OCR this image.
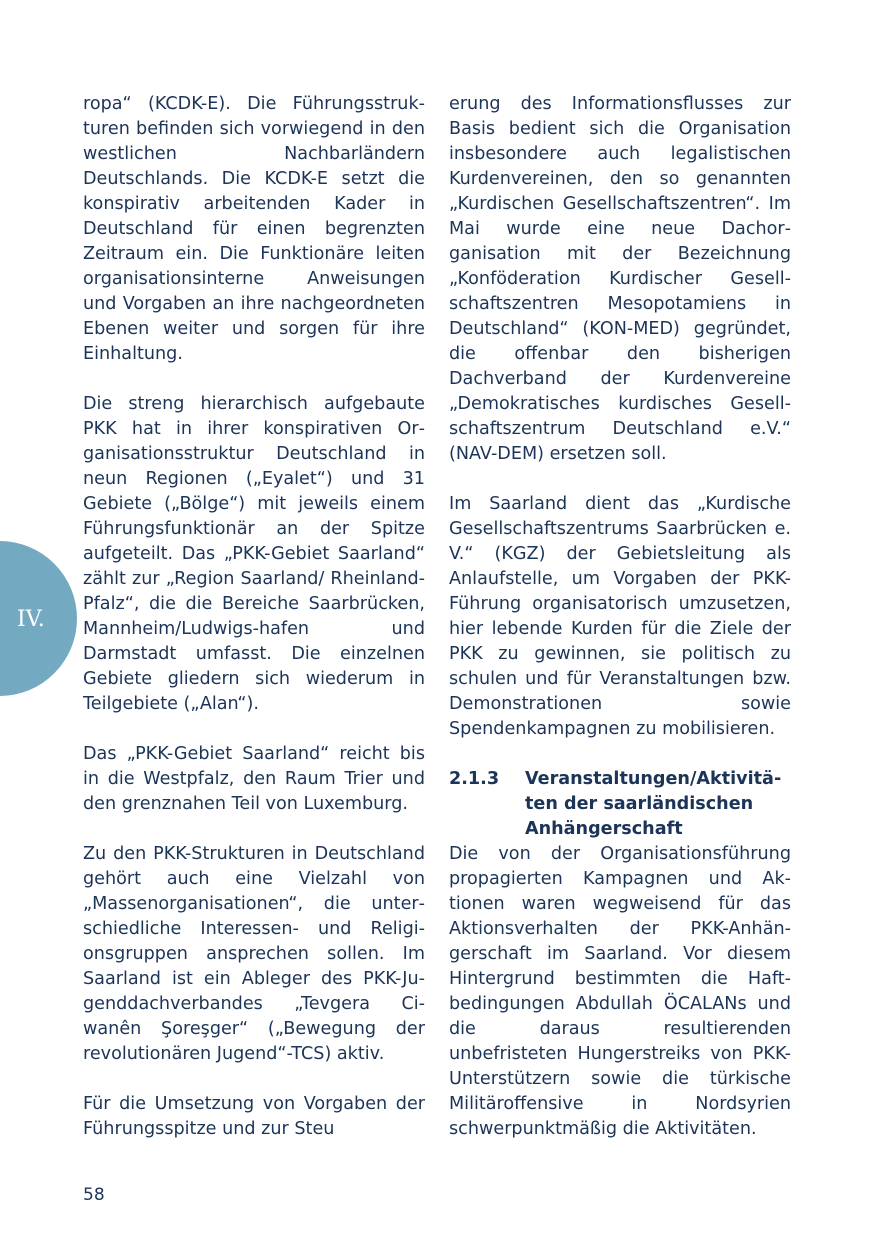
IV.

ropa“ (KCDK-E). Die Führungsstrukturen befinden sich vorwiegend in den westlichen Nachbarländern Deutschlands. Die KCDK-E setzt die konspirativ arbeitenden Kader in Deutschland für einen begrenzten Zeitraum ein. Die Funktionäre leiten organisationsinterne Anweisungen und Vorgaben an ihre nachgeordneten Ebenen weiter und sorgen für ihre Einhaltung.

Die streng hierarchisch aufgebaute PKK hat in ihrer konspirativen Organisationsstruktur Deutschland in neun Regionen („Eyalet“) und 31 Gebiete („Bölge“) mit jeweils einem Führungsfunktionär an der Spitze aufgeteilt. Das „PKK-Gebiet Saarland“ zählt zur „Region Saarland/ Rheinland-Pfalz“, die die Bereiche Saarbrücken, Mannheim/Ludwigs-hafen und Darmstadt umfasst. Die einzelnen Gebiete gliedern sich wiederum in Teilgebiete („Alan“).

Das „PKK-Gebiet Saarland“ reicht bis in die Westpfalz, den Raum Trier und den grenznahen Teil von Luxemburg.

Zu den PKK-Strukturen in Deutschland gehört auch eine Vielzahl von „Massenorganisationen“, die unterschiedliche Interessen- und Religionsgruppen ansprechen sollen. Im Saarland ist ein Ableger des PKK-Jugenddachverbandes „Tevgera Ciwanên Şoreşger“ („Bewegung der revolutionären Jugend“-TCS) aktiv.

Für die Umsetzung von Vorgaben der Führungsspitze und zur Steu

erung des Informationsflusses zur Basis bedient sich die Organisation insbesondere auch legalistischen Kurdenvereinen, den so genannten „Kurdischen Gesellschaftszentren“. Im Mai wurde eine neue Dachorganisation mit der Bezeichnung „Konföderation Kurdischer Gesellschaftszentren Mesopotamiens in Deutschland“ (KON-MED) gegründet, die offenbar den bisherigen Dachverband der Kurdenvereine „Demokratisches kurdisches Gesellschaftszentrum Deutschland e.V.“ (NAV-DEM) ersetzen soll.

Im Saarland dient das „Kurdische Gesellschaftszentrums Saarbrücken e. V.“ (KGZ) der Gebietsleitung als Anlaufstelle, um Vorgaben der PKK-Führung organisatorisch umzusetzen, hier lebende Kurden für die Ziele der PKK zu gewinnen, sie politisch zu schulen und für Veranstaltungen bzw. Demonstrationen sowie Spendenkampagnen zu mobilisieren.

2.1.3	Veranstaltungen/Aktivitäten der saarländischen Anhängerschaft

Die von der Organisationsführung propagierten Kampagnen und Aktionen waren wegweisend für das Aktionsverhalten der PKK-Anhängerschaft im Saarland. Vor diesem Hintergrund bestimmten die Haftbedingungen Abdullah ÖCALANs und die daraus resultierenden unbefristeten Hungerstreiks von PKK-Unterstützern sowie die türkische Militäroffensive in Nordsyrien schwerpunktmäßig die Aktivitäten.

58
